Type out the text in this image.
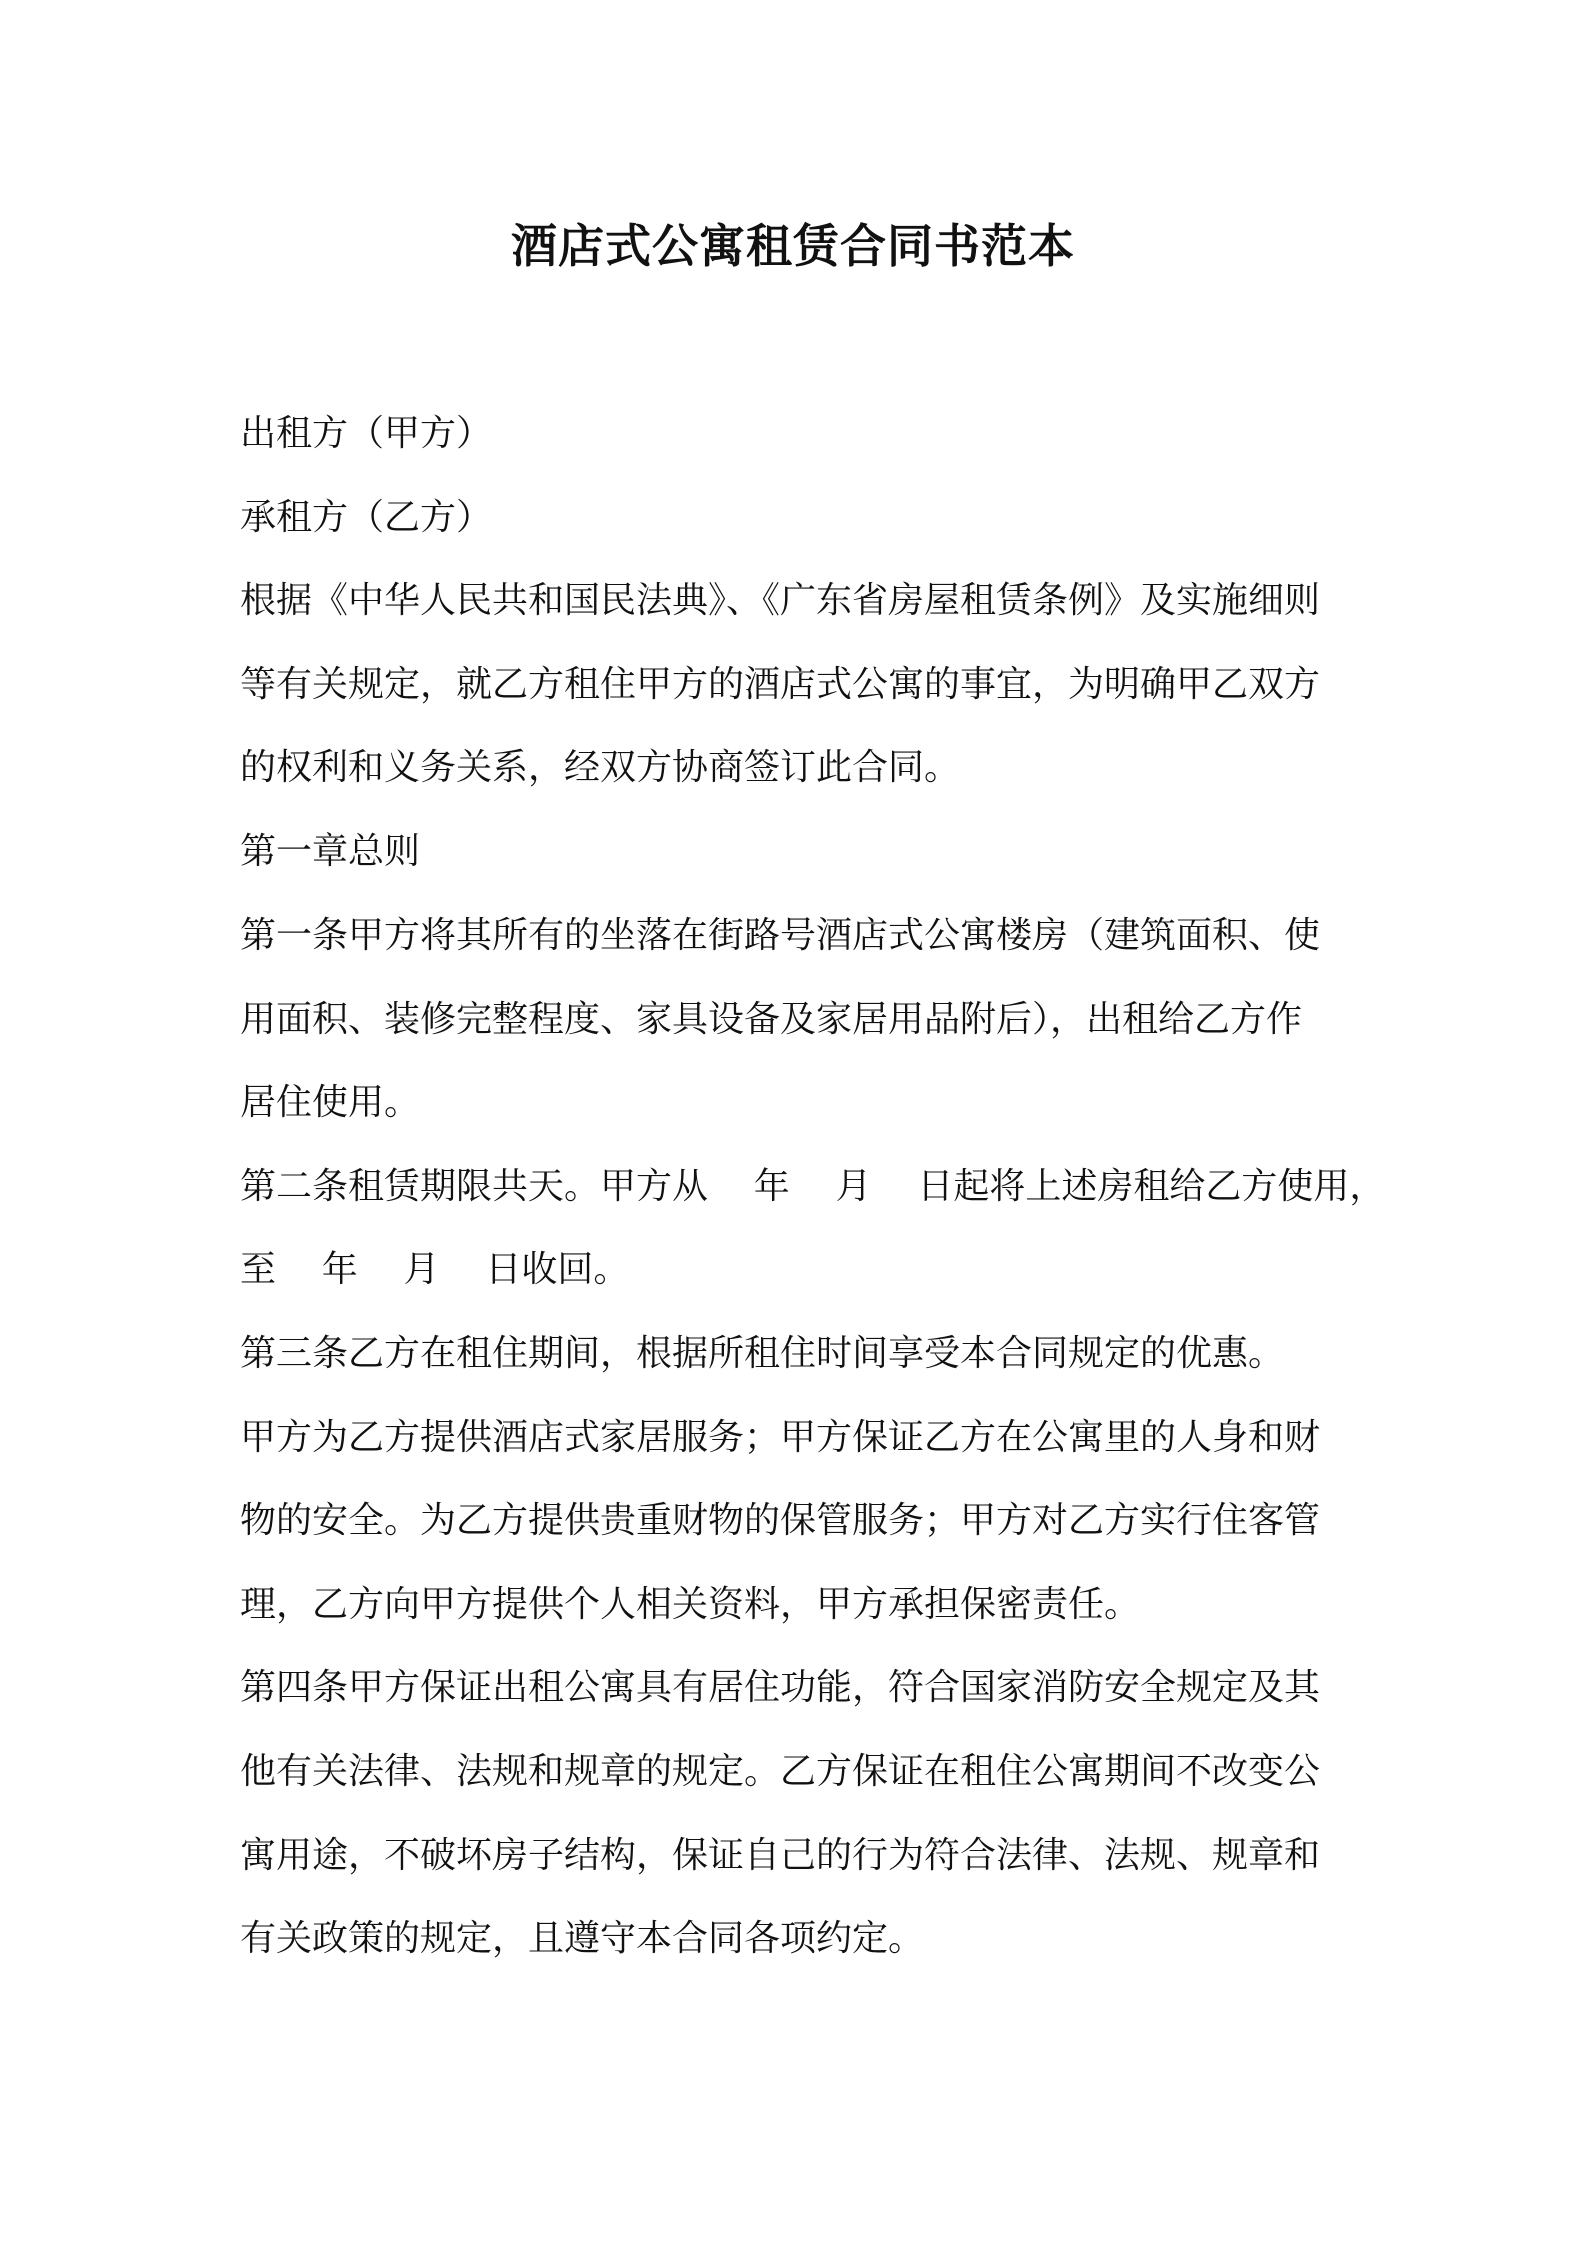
酒店式公寓租赁合同书范本

出租方（甲方）

承租方（乙方）

根据《中华人民共和国民法典》、《广东省房屋租赁条例》及实施细则

等有关规定，就乙方租住甲方的酒店式公寓的事宜，为明确甲乙双方

的权利和义务关系，经双方协商签订此合同。

第一章总则

第一条甲方将其所有的坐落在街路号酒店式公寓楼房（建筑面积、使

用面积、装修完整程度、家具设备及家居用品附后），出租给乙方作

居住使用。

第二条租赁期限共天。甲方从    年    月    日起将上述房租给乙方使用，

至    年    月    日收回。

第三条乙方在租住期间，根据所租住时间享受本合同规定的优惠。

甲方为乙方提供酒店式家居服务；甲方保证乙方在公寓里的人身和财

物的安全。为乙方提供贵重财物的保管服务；甲方对乙方实行住客管

理，乙方向甲方提供个人相关资料，甲方承担保密责任。

第四条甲方保证出租公寓具有居住功能，符合国家消防安全规定及其

他有关法律、法规和规章的规定。乙方保证在租住公寓期间不改变公

寓用途，不破坏房子结构，保证自己的行为符合法律、法规、规章和

有关政策的规定，且遵守本合同各项约定。
